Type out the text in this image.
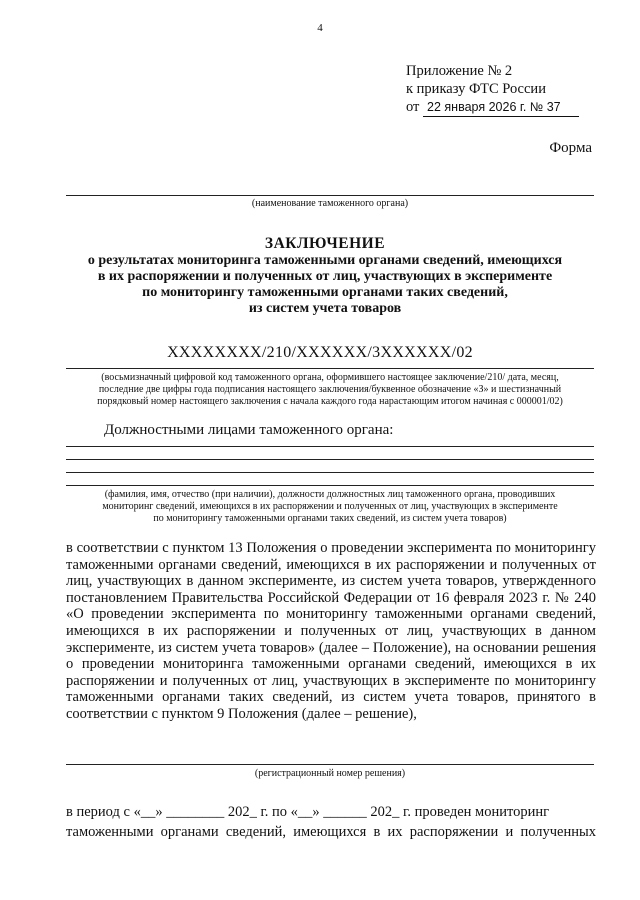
4
Приложение № 2
к приказу ФТС России
от 22 января 2026 г. № 37
Форма
(наименование таможенного органа)
ЗАКЛЮЧЕНИЕ
о результатах мониторинга таможенными органами сведений, имеющихся
в их распоряжении и полученных от лиц, участвующих в эксперименте
по мониторингу таможенными органами таких сведений,
из систем учета товаров
XXXXXXXX/210/XXXXXX/3XXXXXX/02
(восьмизначный цифровой код таможенного органа, оформившего настоящее заключение/210/ дата, месяц,
последние две цифры года подписания настоящего заключения/буквенное обозначение «З» и шестизначный
порядковый номер настоящего заключения с начала каждого года нарастающим итогом начиная с 000001/02)
Должностными лицами таможенного органа:
(фамилия, имя, отчество (при наличии), должности должностных лиц таможенного органа, проводивших
мониторинг сведений, имеющихся в их распоряжении и полученных от лиц, участвующих в эксперименте
по мониторингу таможенными органами таких сведений, из систем учета товаров)
в соответствии с пунктом 13 Положения о проведении эксперимента по мониторингу таможенными органами сведений, имеющихся в их распоряжении и полученных от лиц, участвующих в данном эксперименте, из систем учета товаров, утвержденного постановлением Правительства Российской Федерации от 16 февраля 2023 г. № 240 «О проведении эксперимента по мониторингу таможенными органами сведений, имеющихся в их распоряжении и полученных от лиц, участвующих в данном эксперименте, из систем учета товаров» (далее – Положение), на основании решения о проведении мониторинга таможенными органами сведений, имеющихся в их распоряжении и полученных от лиц, участвующих в эксперименте по мониторингу таможенными органами таких сведений, из систем учета товаров, принятого в соответствии с пунктом 9 Положения (далее – решение),
(регистрационный номер решения)
в период с «__» ________ 202_ г. по «__» ______ 202_ г. проведен мониторинг
таможенными органами сведений, имеющихся в их распоряжении и полученных
